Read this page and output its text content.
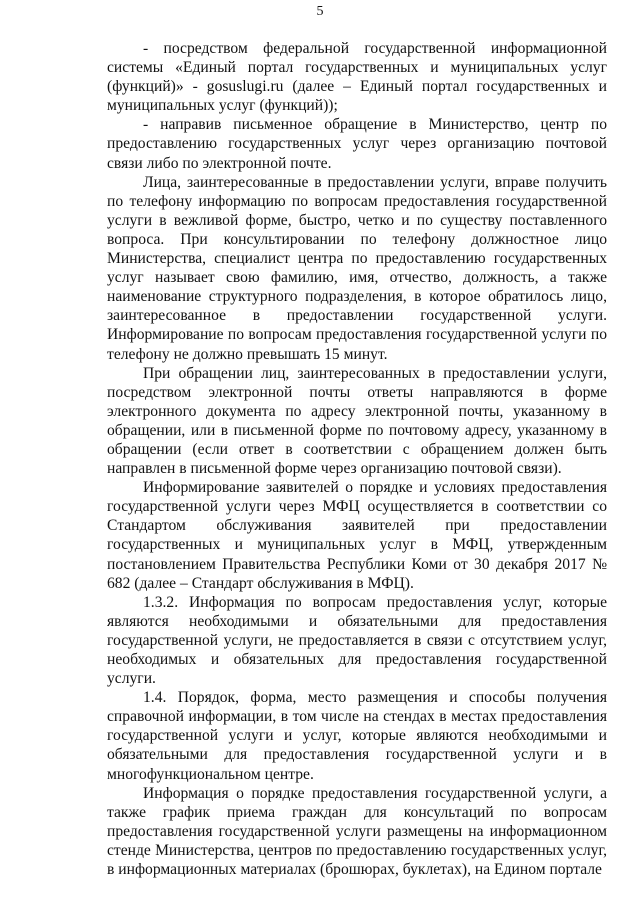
5

- посредством федеральной государственной информационной системы «Единый портал государственных и муниципальных услуг (функций)» - gosuslugi.ru (далее – Единый портал государственных и муниципальных услуг (функций));

- направив письменное обращение в Министерство, центр по предоставлению государственных услуг через организацию почтовой связи либо по электронной почте.

Лица, заинтересованные в предоставлении услуги, вправе получить по телефону информацию по вопросам предоставления государственной услуги в вежливой форме, быстро, четко и по существу поставленного вопроса. При консультировании по телефону должностное лицо Министерства, специалист центра по предоставлению государственных услуг называет свою фамилию, имя, отчество, должность, а также наименование структурного подразделения, в которое обратилось лицо, заинтересованное в предоставлении государственной услуги. Информирование по вопросам предоставления государственной услуги по телефону не должно превышать 15 минут.

При обращении лиц, заинтересованных в предоставлении услуги, посредством электронной почты ответы направляются в форме электронного документа по адресу электронной почты, указанному в обращении, или в письменной форме по почтовому адресу, указанному в обращении (если ответ в соответствии с обращением должен быть направлен в письменной форме через организацию почтовой связи).

Информирование заявителей о порядке и условиях предоставления государственной услуги через МФЦ осуществляется в соответствии со Стандартом обслуживания заявителей при предоставлении государственных и муниципальных услуг в МФЦ, утвержденным постановлением Правительства Республики Коми от 30 декабря 2017 № 682 (далее – Стандарт обслуживания в МФЦ).

1.3.2. Информация по вопросам предоставления услуг, которые являются необходимыми и обязательными для предоставления государственной услуги, не предоставляется в связи с отсутствием услуг, необходимых и обязательных для предоставления государственной услуги.

1.4. Порядок, форма, место размещения и способы получения справочной информации, в том числе на стендах в местах предоставления государственной услуги и услуг, которые являются необходимыми и обязательными для предоставления государственной услуги и в многофункциональном центре.

Информация о порядке предоставления государственной услуги, а также график приема граждан для консультаций по вопросам предоставления государственной услуги размещены на информационном стенде Министерства, центров по предоставлению государственных услуг, в информационных материалах (брошюрах, буклетах), на Едином портале
